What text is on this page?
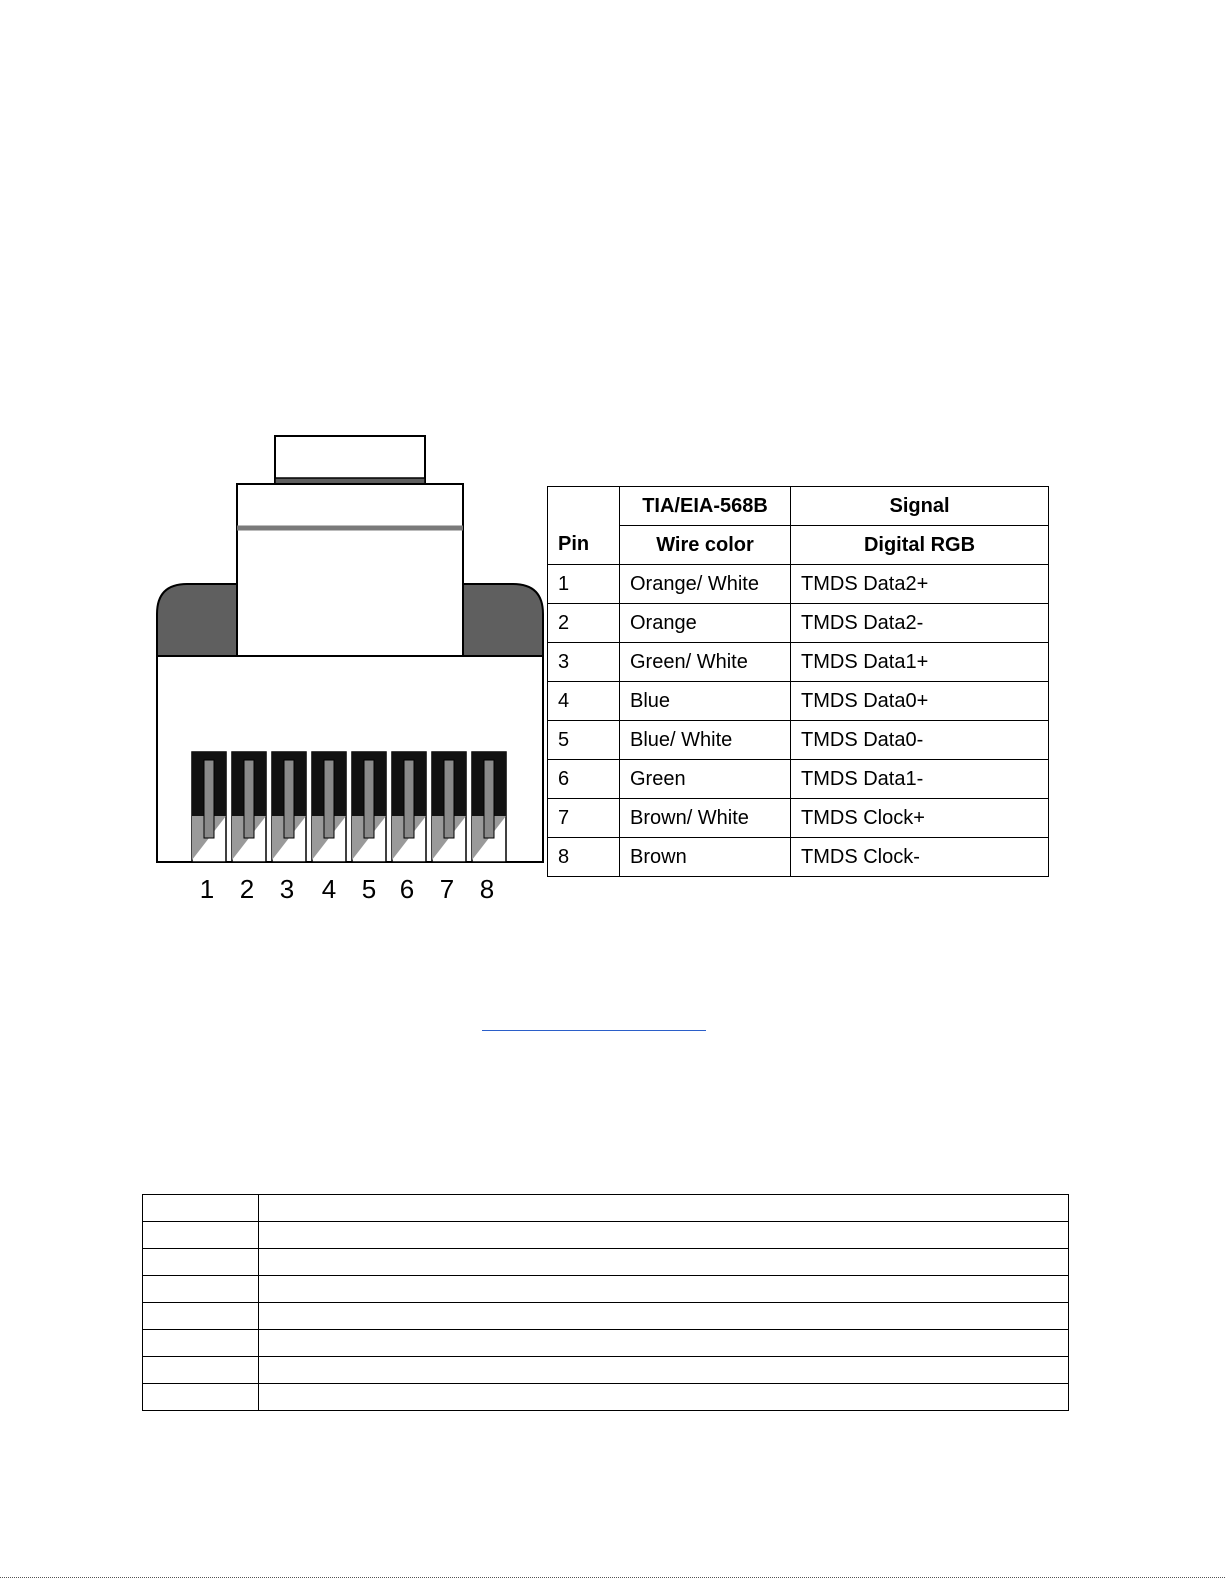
1 2 3	4 5 6 7 8
Pin	TIA/EIA-568B	Signal
	Wire color	Digital RGB
1	Orange/ White	TMDS Data2+
2	Orange	TMDS Data2-
3	Green/ White	TMDS Data1+
4	Blue	TMDS Data0+
5	Blue/ White	TMDS Data0-
6	Green	TMDS Data1-
7	Brown/ White	TMDS Clock+
8	Brown	TMDS Clock-
